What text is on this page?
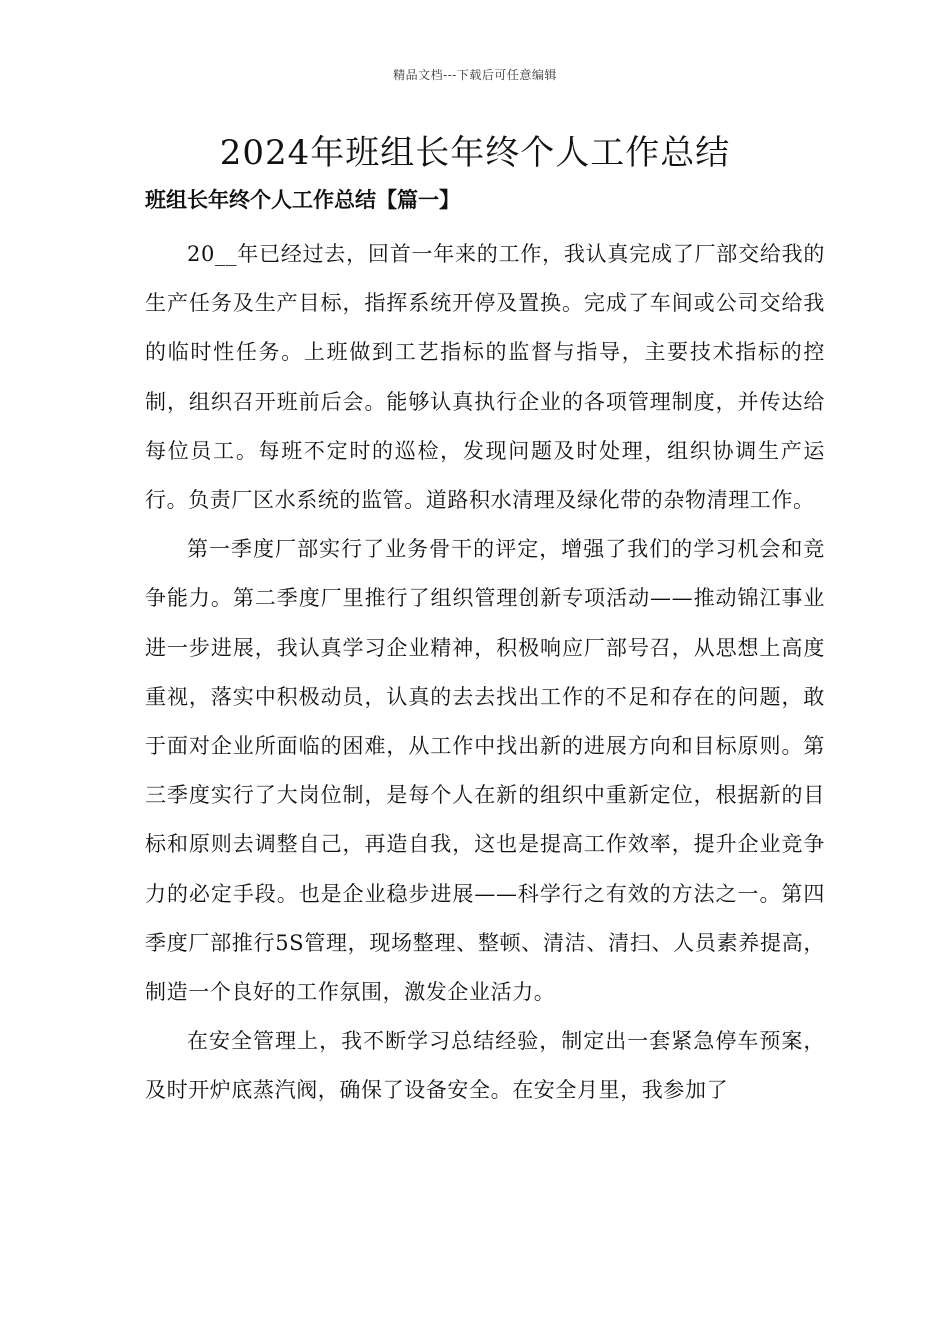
精品文档---下载后可任意编辑
2024年班组长年终个人工作总结
班组长年终个人工作总结【篇一】

20__年已经过去，回首一年来的工作，我认真完成了厂部交给我的生产任务及生产目标，指挥系统开停及置换。完成了车间或公司交给我的临时性任务。上班做到工艺指标的监督与指导，主要技术指标的控制，组织召开班前后会。能够认真执行企业的各项管理制度，并传达给每位员工。每班不定时的巡检，发现问题及时处理，组织协调生产运行。负责厂区水系统的监管。道路积水清理及绿化带的杂物清理工作。

第一季度厂部实行了业务骨干的评定，增强了我们的学习机会和竞争能力。第二季度厂里推行了组织管理创新专项活动——推动锦江事业进一步进展，我认真学习企业精神，积极响应厂部号召，从思想上高度重视，落实中积极动员，认真的去去找出工作的不足和存在的问题，敢于面对企业所面临的困难，从工作中找出新的进展方向和目标原则。第三季度实行了大岗位制，是每个人在新的组织中重新定位，根据新的目标和原则去调整自己，再造自我，这也是提高工作效率，提升企业竞争力的必定手段。也是企业稳步进展——科学行之有效的方法之一。第四季度厂部推行5S管理，现场整理、整顿、清洁、清扫、人员素养提高，制造一个良好的工作氛围，激发企业活力。

在安全管理上，我不断学习总结经验，制定出一套紧急停车预案，及时开炉底蒸汽阀，确保了设备安全。在安全月里，我参加了
